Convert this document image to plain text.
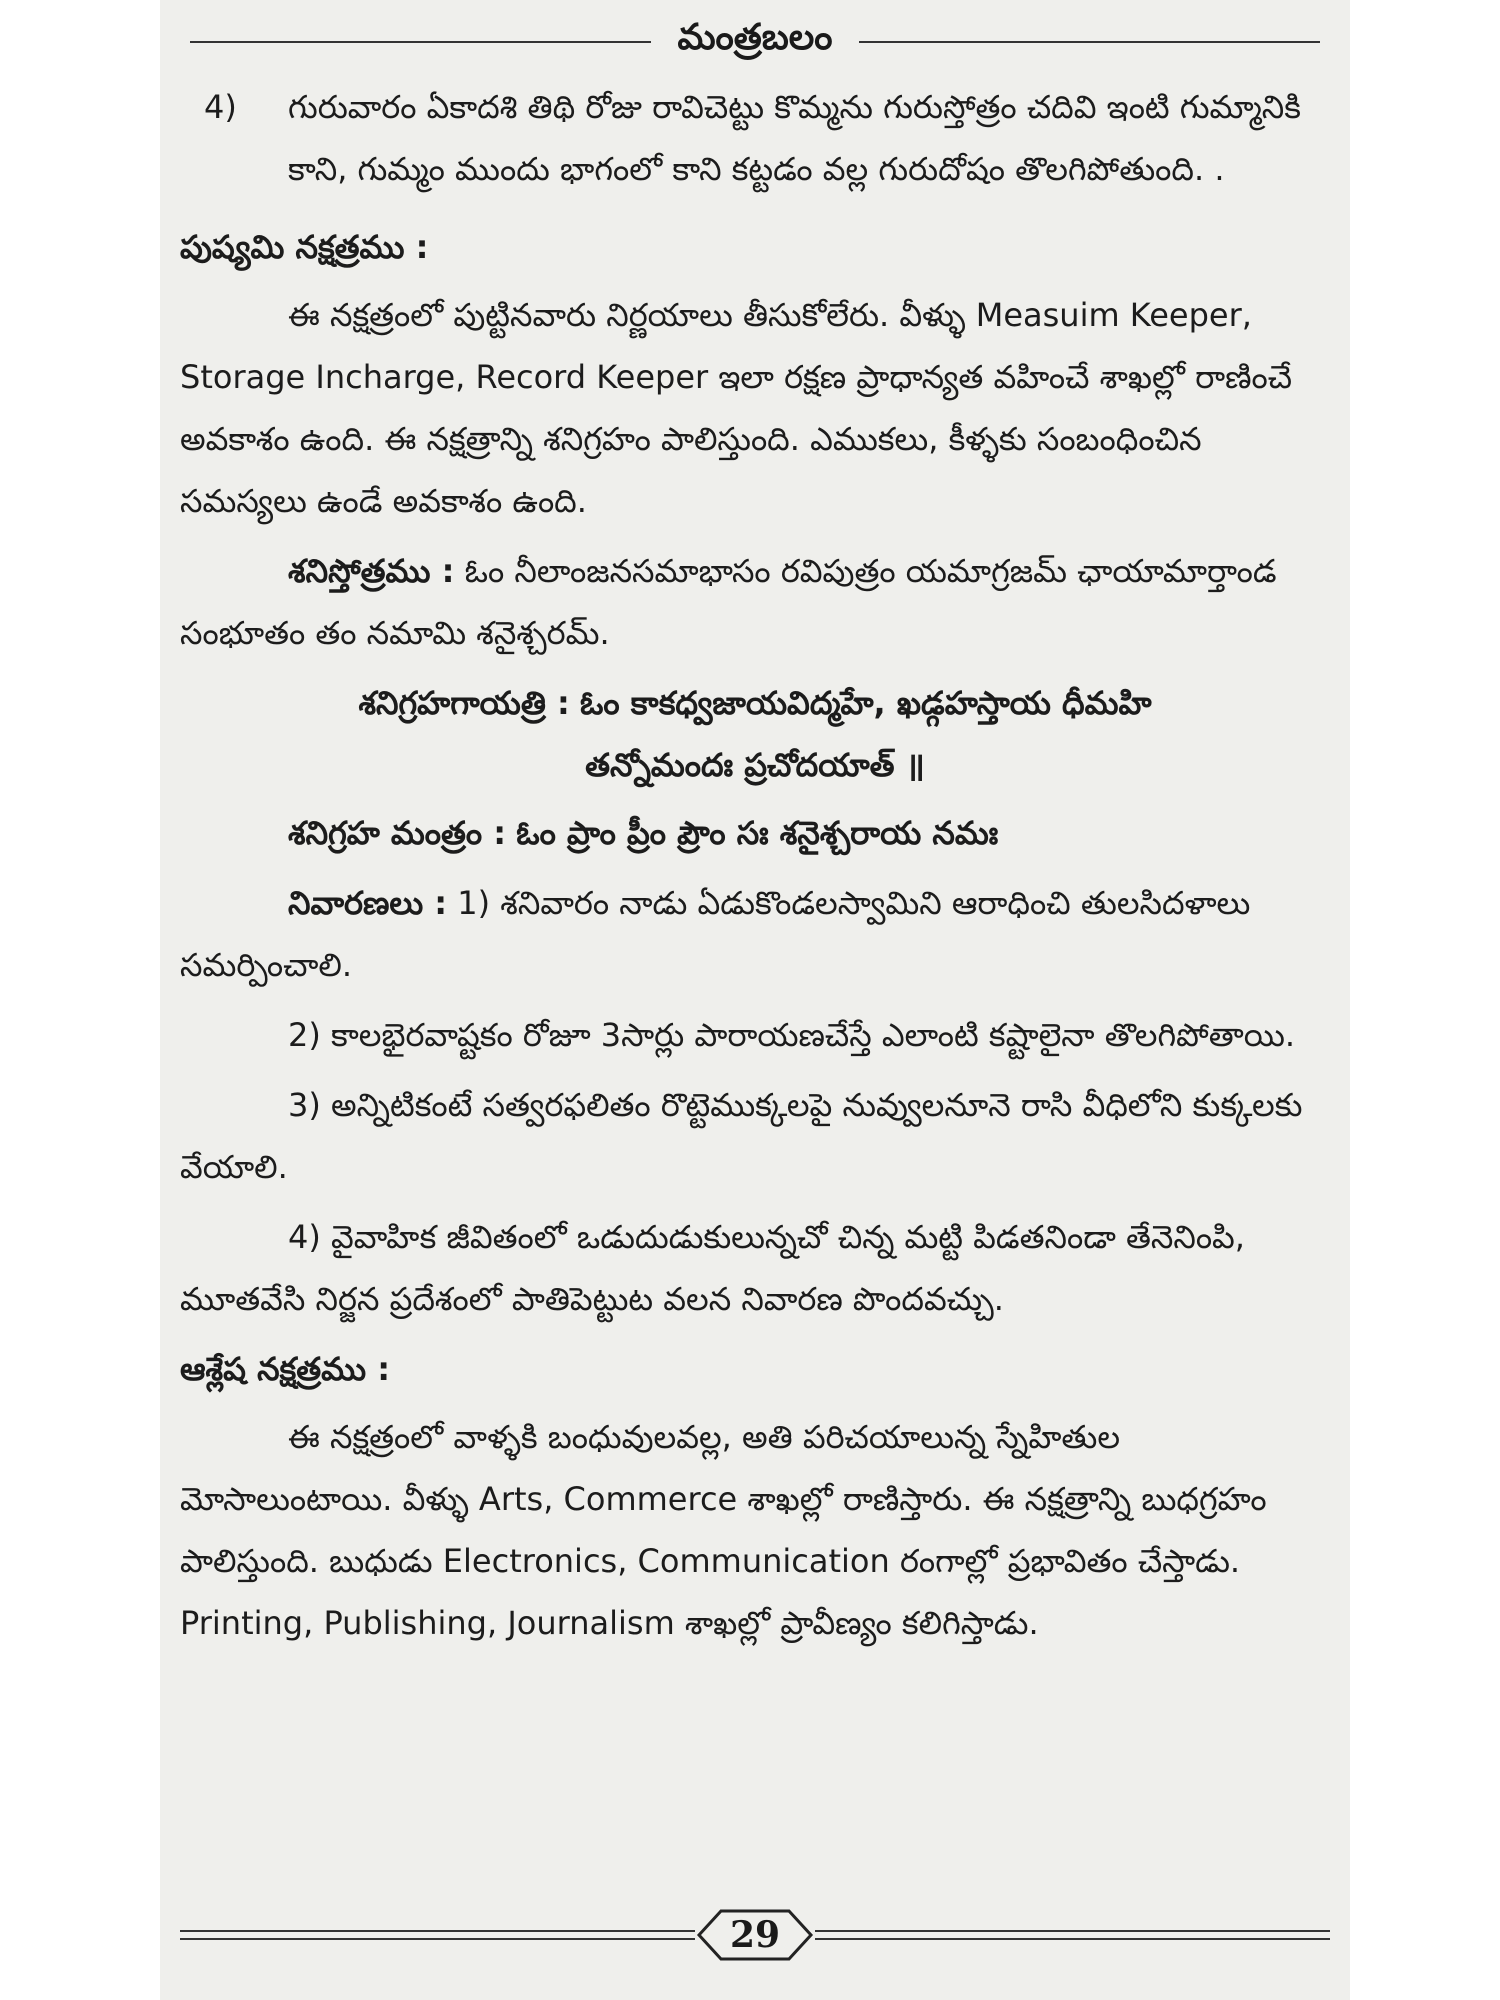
మంత్రబలం

4) గురువారం ఏకాదశి తిథి రోజు రావిచెట్టు కొమ్మను గురుస్తోత్రం చదివి ఇంటి గుమ్మానికి కాని, గుమ్మం ముందు భాగంలో కాని కట్టడం వల్ల గురుదోషం తొలగిపోతుంది. .

పుష్యమి నక్షత్రము :

ఈ నక్షత్రంలో పుట్టినవారు నిర్ణయాలు తీసుకోలేరు. వీళ్ళు Measuim Keeper, Storage Incharge, Record Keeper ఇలా రక్షణ ప్రాధాన్యత వహించే శాఖల్లో రాణించే అవకాశం ఉంది. ఈ నక్షత్రాన్ని శనిగ్రహం పాలిస్తుంది. ఎముకలు, కీళ్ళకు సంబంధించిన సమస్యలు ఉండే అవకాశం ఉంది.

శనిస్తోత్రము : ఓం నీలాంజనసమాభాసం రవిపుత్రం యమాగ్రజమ్ ఛాయామార్తాండ సంభూతం తం నమామి శనైశ్చరమ్.

శనిగ్రహగాయత్రి : ఓం కాకధ్వజాయవిద్మహే, ఖడ్గహస్తాయ ధీమహి
తన్నోమందః ప్రచోదయాత్ ॥

శనిగ్రహ మంత్రం : ఓం ప్రాం ప్రీం ప్రౌం సః శనైశ్చరాయ నమః

నివారణలు : 1) శనివారం నాడు ఏడుకొండలస్వామిని ఆరాధించి తులసిదళాలు సమర్పించాలి.

2) కాలభైరవాష్టకం రోజూ 3సార్లు పారాయణచేస్తే ఎలాంటి కష్టాలైనా తొలగిపోతాయి.

3) అన్నిటికంటే సత్వరఫలితం రొట్టెముక్కలపై నువ్వులనూనె రాసి వీధిలోని కుక్కలకు వేయాలి.

4) వైవాహిక జీవితంలో ఒడుదుడుకులున్నచో చిన్న మట్టి పిడతనిండా తేనెనింపి, మూతవేసి నిర్జన ప్రదేశంలో పాతిపెట్టుట వలన నివారణ పొందవచ్చు.

ఆశ్లేష నక్షత్రము :

ఈ నక్షత్రంలో వాళ్ళకి బంధువులవల్ల, అతి పరిచయాలున్న స్నేహితుల మోసాలుంటాయి. వీళ్ళు Arts, Commerce శాఖల్లో రాణిస్తారు. ఈ నక్షత్రాన్ని బుధగ్రహం పాలిస్తుంది. బుధుడు Electronics, Communication రంగాల్లో ప్రభావితం చేస్తాడు. Printing, Publishing, Journalism శాఖల్లో ప్రావీణ్యం కలిగిస్తాడు.

29
